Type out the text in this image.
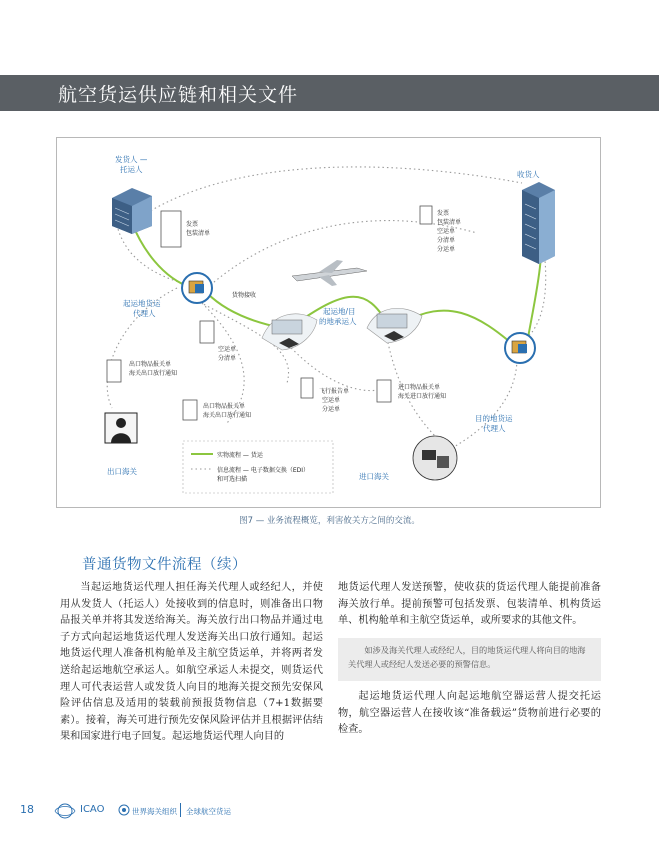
航空货运供应链和相关文件
发货人 —
托运人
收货人
起运地货运
代理人	起运地/目
的地承运人
目的地货运
代理人
出口海关
进口海关
发票
包装清单
发票
包装清单
空运单
分清单
分运单
货物接收
空运单
分清单
出口物品报关单
海关出口放行通知
出口物品报关单
海关出口放行通知
飞行报告单
空运单
分运单
进口物品报关单
海关进口放行通知
实物流程 — 货运
信息流程 — 电子数据交换（EDI）
和可选扫描
图7 — 业务流程概览，利害攸关方之间的交流。
普通货物文件流程（续）
当起运地货运代理人担任海关代理人或经纪人，并使用从发货人（托运人）处接收到的信息时，则准备出口物品报关单并将其发送给海关。海关放行出口物品并通过电子方式向起运地货运代理人发送海关出口放行通知。起运地货运代理人准备机构舱单及主航空货运单，并将两者发送给起运地航空承运人。如航空承运人未提交，则货运代理人可代表运营人或发货人向目的地海关提交预先安保风险评估信息及适用的装载前预报货物信息（7+1数据要素）。接着，海关可进行预先安保风险评估并且根据评估结果和国家进行电子回复。起运地货运代理人向目的
地货运代理人发送预警，使收获的货运代理人能提前准备海关放行单。提前预警可包括发票、包装清单、机构货运单、机构舱单和主航空货运单，或所要求的其他文件。
如涉及海关代理人或经纪人，目的地货运代理人将向目的地海关代理人或经纪人发送必要的预警信息。
起运地货运代理人向起运地航空器运营人提交托运物，航空器运营人在接收该“准备载运”货物前进行必要的检查。
18	ICAO	世界海关组织 全球航空货运
